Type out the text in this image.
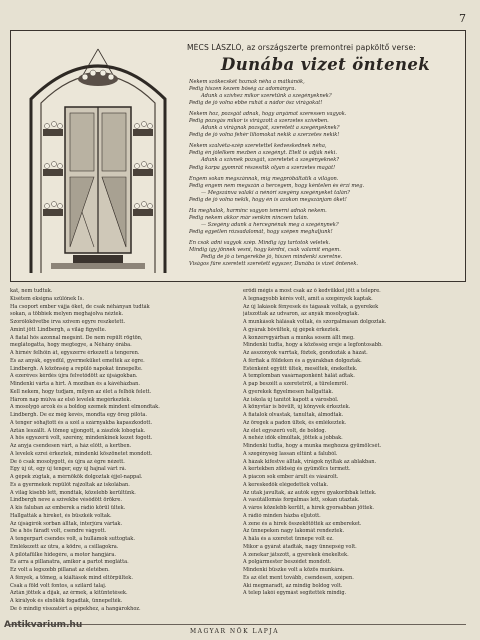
7
MÉCS LÁSZLÓ, az országszerte premontrei papköltő verse:
Dunába vizet öntenek
Nekem szőkecskét hoznak néha a mátkánők,
Pedig hiszen kezem bőség az adományra.
Adunk a szívhez mikor szeretünk a szegényeknek?
Pedig de jó volna ebbe ruhát a nádor ősz virágokat!
Nekem hoz, pozsgát adnak, hogy anyámat szeressen vagyok.
Pedig pozsgás mikor is virágzott a szerzetes szívében.
Adunk a virágnak pozsgát, szeretett a szegényeknek?
Pedig de jó volna fehér liliomokat nekik a szerzetes nekik!
Nekem szalvéta-szép szeretettel kedveskednek néha,
Pedig én jólelkem mezben a szegényt. Ételt is adják néki.
Adunk a szívnek pozsgát, szeretetet a szegényeknek?
Pedig karpa gyomrát részesítik olyan a szerzetes magát!
Engem sokan megszánnak, míg megpróbáltatik a világon.
Pedig engem nem megszán a hercegem, hogy kéntelen és érzi meg.
— Megszánva valaki a nénóri szegény szegényeket talán?
Pedig de jó volna nekik, hogy én is azokon megszánjam őket!
Ha meghalok, harminc vagyon ismerni adnak nekem.
Pedig nekem akkor már senkim nincsen talán.
— Szegény adunk a hercegnénak meg a szegénynek?
Pedig egyetlen rózsadalomát, hogy szépen meghaljunk!
Én csak adni vagyok szép. Mindig így tartotok veletek.
Mindig így jönnek vesni, hogy kérdni, csak valamit engem.
Pedig de jó a tengerekbe jó, hiszen mindenki szeretne.
Viságos fűre szeretett szeretett egyszer, Dunába is vizet öntenek.
kat, nem tudtuk.
Kisétem eksigna szülőnek Is.
Ha csoport ember vájja őket, de csak néhányan tudták
sokan, a többiek melyen meghajolva néztek.
Szorólókövetbe írva szivem egyre reszketett.
Amint jött Lindbergh, a világ figyelte.
A fiatal hős azonnal megsínt. De nem repült rögtön,
meglátogatta, hogy megtegye, a Néhány órába.
A hírnév felhőin át, egyszerre érkezett a tengeren.
És az anyák, egyedül, gyermeküket emelték az égre.
Lindbergh. A közönség a repülő napokat ünnepelte.
A ezeréves kérdés újra felvetődött az újságokban.
Mindenki várta a hírt. A moziban és a kávéházban.
Kell nekem, hogy tudjam, milyen az élet a felhők felett.
Három nap múlva az első levelek megérkeztek.
A mosolygó arcok és a boldog szemek mindent elmondtak.
Lindbergh. De ez még kevés, mondta egy öreg pilóta.
A tenger sóhajtott és a szél a szárnyakba kapaszkodott.
Aztán leszállt. A tömeg ujjongott, a zászlók lobogtak.
A hős egyszerű volt, szerény, mindenkinek kezet fogott.
Az anyja csendesen várt, a ház előtt, a kertben.
A levelek ezrei érkeztek, mindenki köszönetet mondott.
De ő csak mosolygott, és újra az égre nézett.
Egy új út, egy új tenger, egy új hajnal várt rá.
A gépek zúgtak, a mérnökök dolgoztak éjjel-nappal.
És a gyermekek repülőt rajzoltak az iskolában.
A világ kisebb lett, mondták, közelebb kerültünk.
Lindbergh neve a szívekbe vésődött örökre.
A kis faluban az emberek a rádió körül ültek.
Hallgatták a híreket, és büszkék voltak.
Az újságírók sorban álltak, interjúra vártak.
De a hős fáradt volt, csendre vágyott.
A tengerpart csendes volt, a hullámok suttogtak.
Emlékezett az útra, a ködre, a csillagokra.
A pilótafülke hidegére, a motor hangjára.
És arra a pillanatra, amikor a partot meglátta.
Ez volt a legszebb pillanat az életében.
A fények, a tömeg, a kiáltások mind eltörpültek.
Csak a föld volt fontos, a szilárd talaj.
Aztán jöttek a díjak, az érmek, a kitüntetések.
A királyok és elnökök fogadták, ünnepelték.
De ő mindig visszatért a gépekhez, a hangárokhoz.
erődi mégis a most csak az ő kedvükkel jött a telepre.
A legnagyobb kérés volt, amit a szegények kaptak.
Az új lakások fényesek és tágasak voltak, a gyerekek
játszottak az udvaron, az anyák mosolyogtak.
A munkások hálásak voltak, és szorgalmasan dolgoztak.
A gyárak bővültek, új gépek érkeztek.
A konzervgyárban a munka sosem állt meg.
Mindenki tudta, hogy a közösség ereje a legfontosabb.
Az asszonyok varrtak, főztek, gondozták a házat.
A férfiak a földeken és a gyárakban dolgoztak.
Esténként együtt ültek, meséltek, énekeltek.
A templomban vasárnaponként hálát adtak.
A pap beszélt a szeretetről, a türelemről.
A gyerekek figyelmesen hallgatták.
Az iskola új tanítót kapott a városból.
A könyvtár is bővült, új könyvek érkeztek.
A fiatalok olvastak, tanultak, álmodtak.
Az öregek a padon ültek, és emlékeztek.
Az élet egyszerű volt, de boldog.
A nehéz idők elmúltak, jöttek a jobbak.
Mindenki tudta, hogy a munka meghozza gyümölcsét.
A szegénység lassan eltűnt a faluból.
A házak kifestve álltak, virágok nyíltak az ablakban.
A kertekben zöldség és gyümölcs termett.
A piacon sok ember árult és vásárolt.
A kereskedők elégedettek voltak.
Az utak javultak, az autók egyre gyakoribbak lettek.
A vasútállomás forgalmas lett, sokan utaztak.
A város közelebb került, a hírek gyorsabban jöttek.
A rádió minden házba eljutott.
A zene és a hírek összekötötték az embereket.
Az ünnepeken nagy lakomát rendeztek.
A hála és a szeretet ünnepe volt ez.
Mikor a gyárat átadták, nagy ünnepség volt.
A zenekar játszott, a gyerekek énekeltek.
A polgármester beszédet mondott.
Mindenki büszke volt a közös munkára.
És az élet ment tovább, csendesen, szépen.
Aki megmaradt, az mindig boldog volt.
A telep lakói egymást segítették mindig.
Antikvarium.hu
MAGYAR NŐK LAPJA
